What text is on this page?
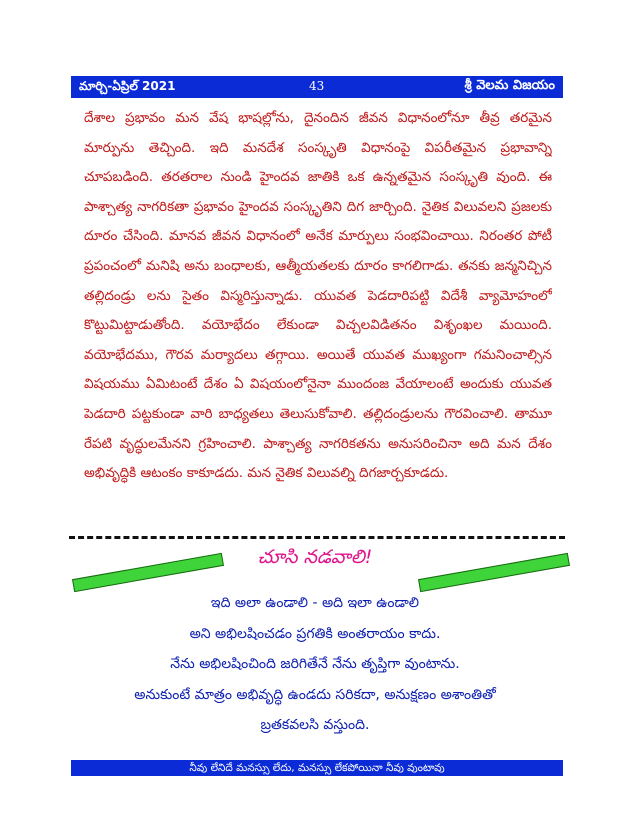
మార్చి-ఏప్రిల్ 2021	43	శ్రీ వెలమ విజయం
దేశాల ప్రభావం మన వేష భాషల్లోను, దైనందిన జీవన విధానంలోనూ తీవ్ర తరమైన మార్పును తెచ్చింది. ఇది మనదేశ సంస్కృతి విధానంపై విపరీతమైన ప్రభావాన్ని చూపబడింది. తరతరాల నుండి హైందవ జాతికి ఒక ఉన్నతమైన సంస్కృతి వుంది. ఈ పాశ్చాత్య నాగరికతా ప్రభావం హైందవ సంస్కృతిని దిగ జార్చింది. నైతిక విలువలని ప్రజలకు దూరం చేసింది. మానవ జీవన విధానంలో అనేక మార్పులు సంభవించాయి. నిరంతర పోటీ ప్రపంచంలో మనిషి అను బంధాలకు, ఆత్మీయతలకు దూరం కాగలిగాడు. తనకు జన్మనిచ్చిన తల్లిదండ్రు లను సైతం విస్మరిస్తున్నాడు. యువత పెడదారిపట్టి విదేశీ వ్యామోహంలో కొట్టుమిట్టాడుతోంది. వయోభేదం లేకుండా విచ్చలవిడితనం విశృంఖల మయింది. వయోభేదము, గౌరవ మర్యాదలు తగ్గాయి. అయితే యువత ముఖ్యంగా గమనించాల్సిన విషయము ఏమిటంటే దేశం ఏ విషయంలోనైనా ముందంజ వేయాలంటే అందుకు యువత పెడదారి పట్టకుండా వారి బాధ్యతలు తెలుసుకోవాలి. తల్లిదండ్రులను గౌరవించాలి. తామూ రేపటి వృద్ధులమేనని గ్రహించాలి. పాశ్చాత్య నాగరికతను అనుసరించినా అది మన దేశం అభివృద్ధికి ఆటంకం కాకూడదు. మన నైతిక విలువల్ని దిగజార్చకూడదు.
చూసి నడవాలి!
ఇది అలా ఉండాలి - అది ఇలా ఉండాలి
అని అభిలషించడం ప్రగతికి అంతరాయం కాదు.
నేను అభిలషించింది జరిగితేనే నేను తృప్తిగా వుంటాను.
అనుకుంటే మాత్రం అభివృద్ధి ఉండదు సరికదా, అనుక్షణం అశాంతితో
బ్రతకవలసి వస్తుంది.
నీవు లేనిదే మనస్సు లేదు, మనస్సు లేకపోయినా నీవు వుంటావు
